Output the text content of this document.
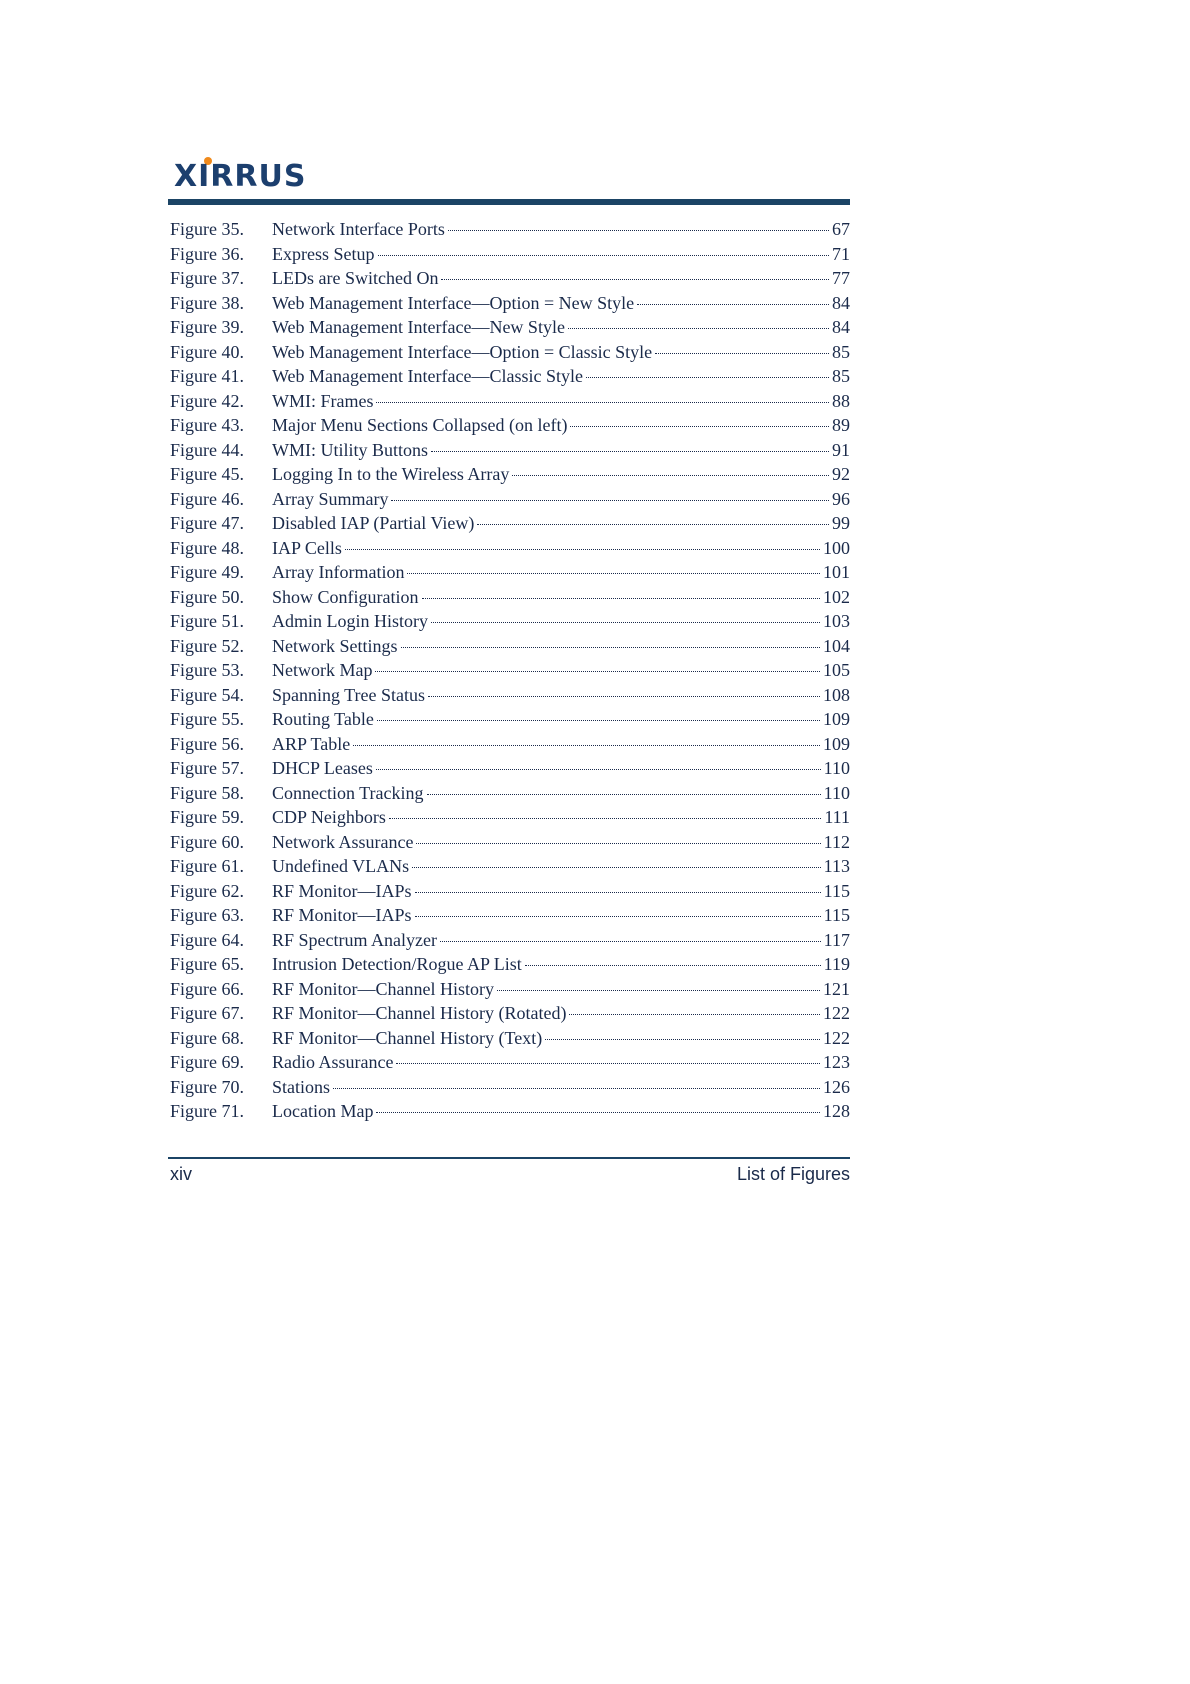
XIRRUS
Figure 35.	Network Interface Ports	67
Figure 36.	Express Setup	71
Figure 37.	LEDs are Switched On	77
Figure 38.	Web Management Interface—Option = New Style	84
Figure 39.	Web Management Interface—New Style	84
Figure 40.	Web Management Interface—Option = Classic Style	85
Figure 41.	Web Management Interface—Classic Style	85
Figure 42.	WMI: Frames	88
Figure 43.	Major Menu Sections Collapsed (on left)	89
Figure 44.	WMI: Utility Buttons	91
Figure 45.	Logging In to the Wireless Array	92
Figure 46.	Array Summary	96
Figure 47.	Disabled IAP (Partial View)	99
Figure 48.	IAP Cells	100
Figure 49.	Array Information	101
Figure 50.	Show Configuration	102
Figure 51.	Admin Login History	103
Figure 52.	Network Settings	104
Figure 53.	Network Map	105
Figure 54.	Spanning Tree Status	108
Figure 55.	Routing Table	109
Figure 56.	ARP Table	109
Figure 57.	DHCP Leases	110
Figure 58.	Connection Tracking	110
Figure 59.	CDP Neighbors	111
Figure 60.	Network Assurance	112
Figure 61.	Undefined VLANs	113
Figure 62.	RF Monitor—IAPs	115
Figure 63.	RF Monitor—IAPs	115
Figure 64.	RF Spectrum Analyzer	117
Figure 65.	Intrusion Detection/Rogue AP List	119
Figure 66.	RF Monitor—Channel History	121
Figure 67.	RF Monitor—Channel History (Rotated)	122
Figure 68.	RF Monitor—Channel History (Text)	122
Figure 69.	Radio Assurance	123
Figure 70.	Stations	126
Figure 71.	Location Map	128
xiv	List of Figures
